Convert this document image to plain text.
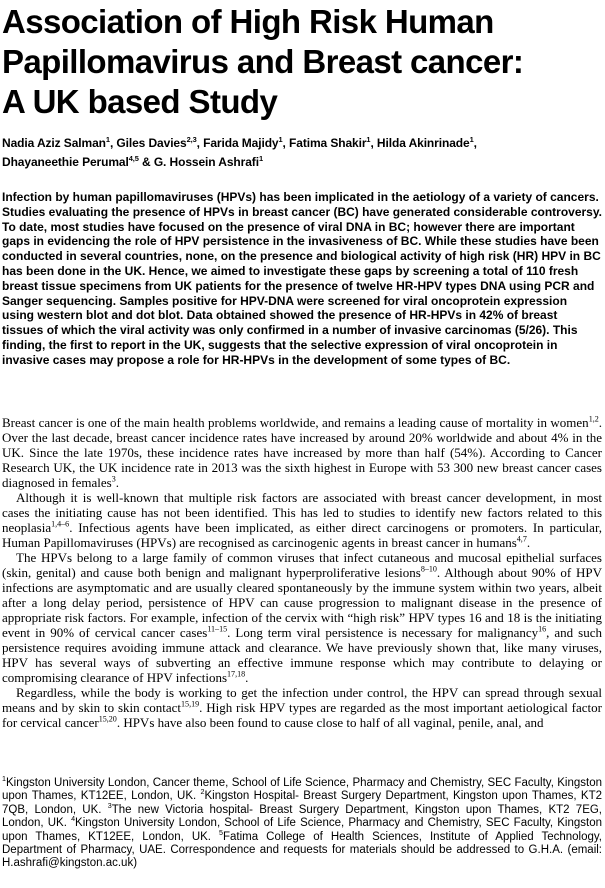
Association of High Risk Human
Papillomavirus and Breast cancer:
A UK based Study
Nadia Aziz Salman$^1$, Giles Davies$^{2,3}$, Farida Majidy$^1$, Fatima Shakir$^1$, Hilda Akinrinade$^1$,
Dhayaneethie Perumal$^{4,5}$ & G. Hossein Ashrafi$^1$
Infection by human papillomaviruses (HPVs) has been implicated in the aetiology of a variety of cancers. Studies evaluating the presence of HPVs in breast cancer (BC) have generated considerable controversy. To date, most studies have focused on the presence of viral DNA in BC; however there are important gaps in evidencing the role of HPV persistence in the invasiveness of BC. While these studies have been conducted in several countries, none, on the presence and biological activity of high risk (HR) HPV in BC has been done in the UK. Hence, we aimed to investigate these gaps by screening a total of 110 fresh breast tissue specimens from UK patients for the presence of twelve HR-HPV types DNA using PCR and Sanger sequencing. Samples positive for HPV-DNA were screened for viral oncoprotein expression using western blot and dot blot. Data obtained showed the presence of HR-HPVs in 42% of breast tissues of which the viral activity was only confirmed in a number of invasive carcinomas (5/26). This finding, the first to report in the UK, suggests that the selective expression of viral oncoprotein in invasive cases may propose a role for HR-HPVs in the development of some types of BC.

Breast cancer is one of the main health problems worldwide, and remains a leading cause of mortality in women$^{1,2}$. Over the last decade, breast cancer incidence rates have increased by around 20% worldwide and about 4% in the UK. Since the late 1970s, these incidence rates have increased by more than half (54%). According to Cancer Research UK, the UK incidence rate in 2013 was the sixth highest in Europe with 53 300 new breast cancer cases diagnosed in females$^3$.

Although it is well-known that multiple risk factors are associated with breast cancer development, in most cases the initiating cause has not been identified. This has led to studies to identify new factors related to this neoplasia$^{1,4-6}$. Infectious agents have been implicated, as either direct carcinogens or promoters. In particular, Human Papillomaviruses (HPVs) are recognised as carcinogenic agents in breast cancer in humans$^{4,7}$.

The HPVs belong to a large family of common viruses that infect cutaneous and mucosal epithelial surfaces (skin, genital) and cause both benign and malignant hyperproliferative lesions$^{8-10}$. Although about 90% of HPV infections are asymptomatic and are usually cleared spontaneously by the immune system within two years, albeit after a long delay period, persistence of HPV can cause progression to malignant disease in the presence of appropriate risk factors. For example, infection of the cervix with “high risk” HPV types 16 and 18 is the initiating event in 90% of cervical cancer cases$^{11-15}$. Long term viral persistence is necessary for malignancy$^{16}$, and such persistence requires avoiding immune attack and clearance. We have previously shown that, like many viruses, HPV has several ways of subverting an effective immune response which may contribute to delaying or compromising clearance of HPV infections$^{17,18}$.

Regardless, while the body is working to get the infection under control, the HPV can spread through sexual means and by skin to skin contact$^{15,19}$. High risk HPV types are regarded as the most important aetiological factor for cervical cancer$^{15,20}$. HPVs have also been found to cause close to half of all vaginal, penile, anal, and

$^1$Kingston University London, Cancer theme, School of Life Science, Pharmacy and Chemistry, SEC Faculty, Kingston upon Thames, KT12EE, London, UK. $^2$Kingston Hospital- Breast Surgery Department, Kingston upon Thames, KT2 7QB, London, UK. $^3$The new Victoria hospital- Breast Surgery Department, Kingston upon Thames, KT2 7EG, London, UK. $^4$Kingston University London, School of Life Science, Pharmacy and Chemistry, SEC Faculty, Kingston upon Thames, KT12EE, London, UK. $^5$Fatima College of Health Sciences, Institute of Applied Technology, Department of Pharmacy, UAE. Correspondence and requests for materials should be addressed to G.H.A. (email: H.ashrafi@kingston.ac.uk)
